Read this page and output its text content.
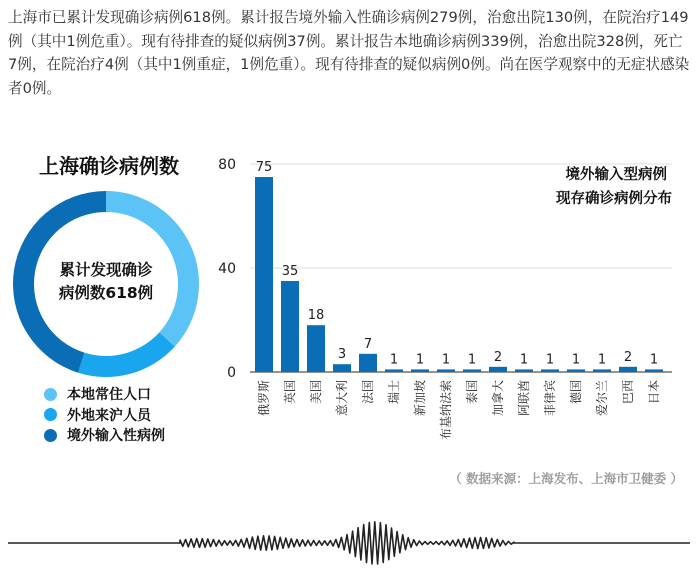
上海市已累计发现确诊病例618例。累计报告境外输入性确诊病例279例，治愈出院130例，在院治疗149例（其中1例危重）。现有待排查的疑似病例37例。累计报告本地确诊病例339例，治愈出院328例，死亡7例，在院治疗4例（其中1例重症，1例危重）。现有待排查的疑似病例0例。尚在医学观察中的无症状感染者0例。

上海确诊病例数
累计发现确诊病例数618例
本地常住人口
外地来沪人员
境外输入性病例
0
40
80
境外输入型病例
现存确诊病例分布
75
俄罗斯
35
英国
18
美国
3
意大利
7
法国
1
瑞士
1
新加坡
1
布基纳法索
1
泰国
2
加拿大
1
阿联酋
1
菲律宾
1
德国
1
爱尔兰
2
巴西
1
日本
（ 数据来源：上海发布、上海市卫健委 ）
